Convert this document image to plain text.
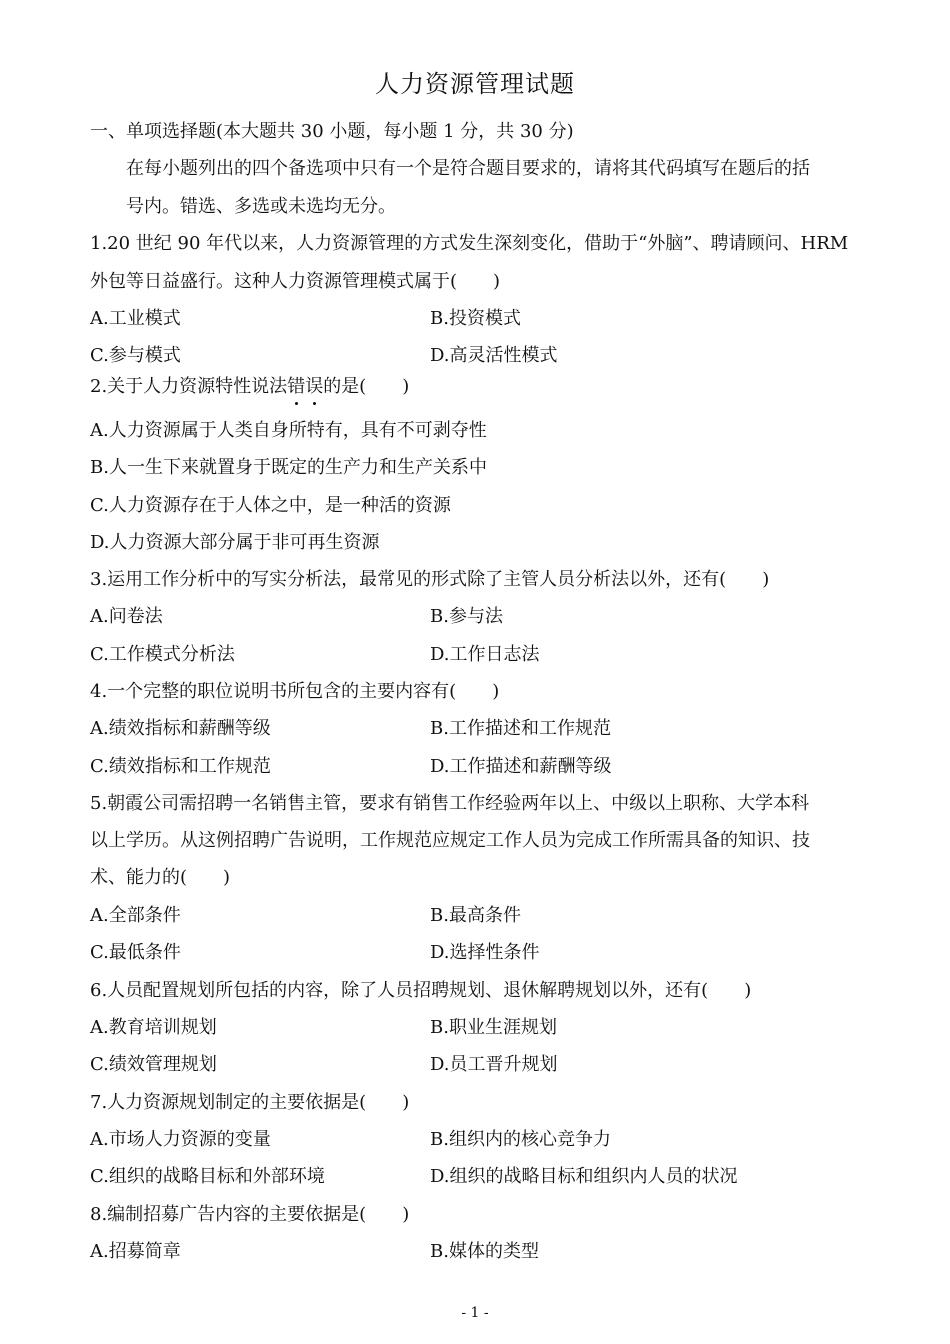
人力资源管理试题
一、单项选择题(本大题共 30 小题，每小题 1 分，共 30 分)
在每小题列出的四个备选项中只有一个是符合题目要求的，请将其代码填写在题后的括
号内。错选、多选或未选均无分。
1.20 世纪 90 年代以来，人力资源管理的方式发生深刻变化，借助于“外脑”、聘请顾问、HRM
外包等日益盛行。这种人力资源管理模式属于(　　)
A.工业模式	B.投资模式
C.参与模式	D.高灵活性模式
2.关于人力资源特性说法错误的是(　　)
A.人力资源属于人类自身所特有，具有不可剥夺性
B.人一生下来就置身于既定的生产力和生产关系中
C.人力资源存在于人体之中，是一种活的资源
D.人力资源大部分属于非可再生资源
3.运用工作分析中的写实分析法，最常见的形式除了主管人员分析法以外，还有(　　)
A.问卷法	B.参与法
C.工作模式分析法	D.工作日志法
4.一个完整的职位说明书所包含的主要内容有(　　)
A.绩效指标和薪酬等级	B.工作描述和工作规范
C.绩效指标和工作规范	D.工作描述和薪酬等级
5.朝霞公司需招聘一名销售主管，要求有销售工作经验两年以上、中级以上职称、大学本科
以上学历。从这例招聘广告说明，工作规范应规定工作人员为完成工作所需具备的知识、技
术、能力的(　　)
A.全部条件	B.最高条件
C.最低条件	D.选择性条件
6.人员配置规划所包括的内容，除了人员招聘规划、退休解聘规划以外，还有(　　)
A.教育培训规划	B.职业生涯规划
C.绩效管理规划	D.员工晋升规划
7.人力资源规划制定的主要依据是(　　)
A.市场人力资源的变量	B.组织内的核心竞争力
C.组织的战略目标和外部环境	D.组织的战略目标和组织内人员的状况
8.编制招募广告内容的主要依据是(　　)
A.招募简章	B.媒体的类型
- 1 -
